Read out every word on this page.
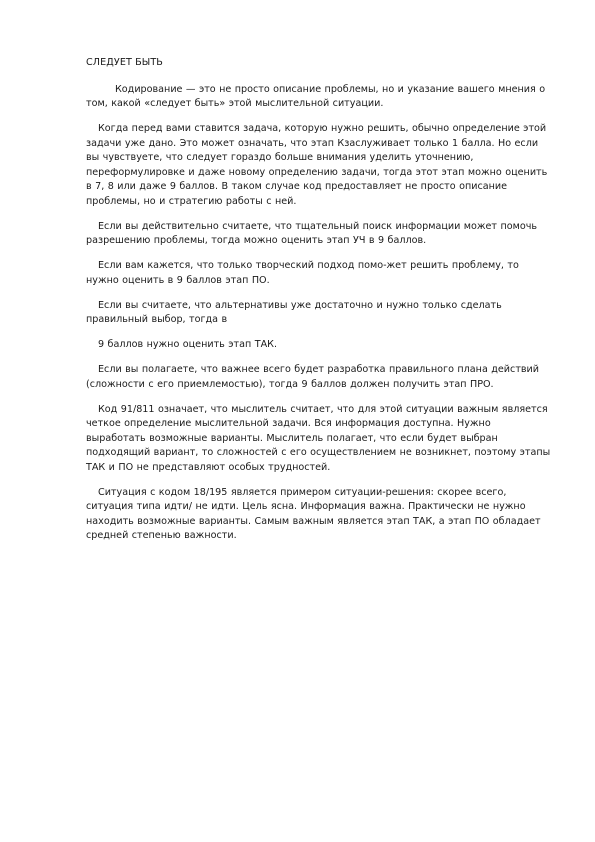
СЛЕДУЕТ БЫТЬ

Кодирование — это не просто описание проблемы, но и указание вашего мнения о том, какой «следует быть» этой мыслительной ситуации.

Когда перед вами ставится задача, которую нужно решить, обычно определение этой задачи уже дано. Это может означать, что этап Кзаслуживает только 1 балла. Но если вы чувствуете, что следует гораздо больше внимания уделить уточнению, переформулировке и даже новому определению задачи, тогда этот этап можно оценить в 7, 8 или даже 9 баллов. В таком случае код предоставляет не просто описание проблемы, но и стратегию работы с ней.

Если вы действительно считаете, что тщательный поиск информации может помочь разрешению проблемы, тогда можно оценить этап УЧ в 9 баллов.

Если вам кажется, что только творческий подход помо-жет решить проблему, то нужно оценить в 9 баллов этап ПО.

Если вы считаете, что альтернативы уже достаточно и нужно только сделать правильный выбор, тогда в

9 баллов нужно оценить этап ТАК.

Если вы полагаете, что важнее всего будет разработка правильного плана действий (сложности с его приемлемостью), тогда 9 баллов должен получить этап ПРО.

Код 91/811 означает, что мыслитель считает, что для этой ситуации важным является четкое определение мыслительной задачи. Вся информация доступна. Нужно выработать возможные варианты. Мыслитель полагает, что если будет выбран подходящий вариант, то сложностей с его осуществлением не возникнет, поэтому этапы ТАК и ПО не представляют особых трудностей.

Ситуация с кодом 18/195 является примером ситуации-решения: скорее всего, ситуация типа идти/ не идти. Цель ясна. Информация важна. Практически не нужно находить возможные варианты. Самым важным является этап ТАК, а этап ПО обладает средней степенью важности.
